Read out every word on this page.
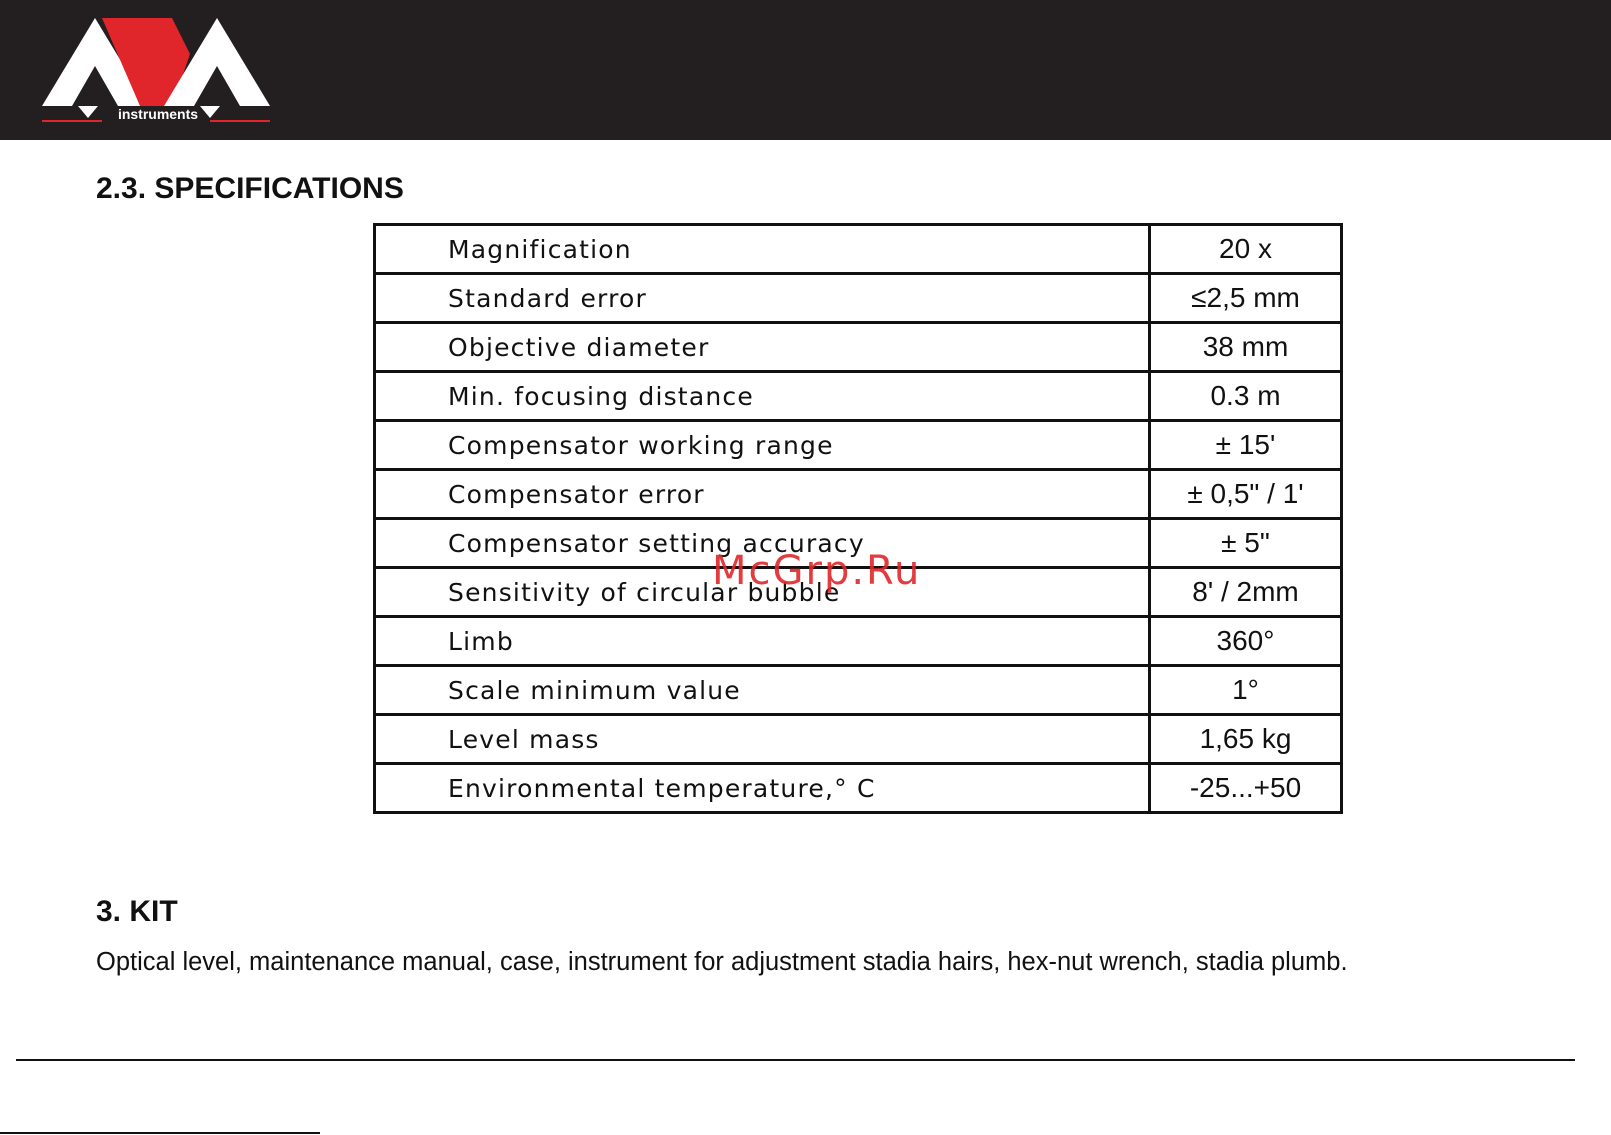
instruments
2.3. SPECIFICATIONS
Magnification	20 x
Standard error	≤2,5 mm
Objective diameter	38 mm
Min. focusing distance	0.3 m
Compensator working range	± 15'
Compensator error	± 0,5" / 1'
Compensator setting accuracy	± 5"
Sensitivity of circular bubble	8' / 2mm
Limb	360°
Scale minimum value	1°
Level mass	1,65 kg
Environmental temperature,° C	-25...+50
McGrp.Ru
3. KIT

Optical level, maintenance manual, case, instrument for adjustment stadia hairs, hex-nut wrench, stadia plumb.
